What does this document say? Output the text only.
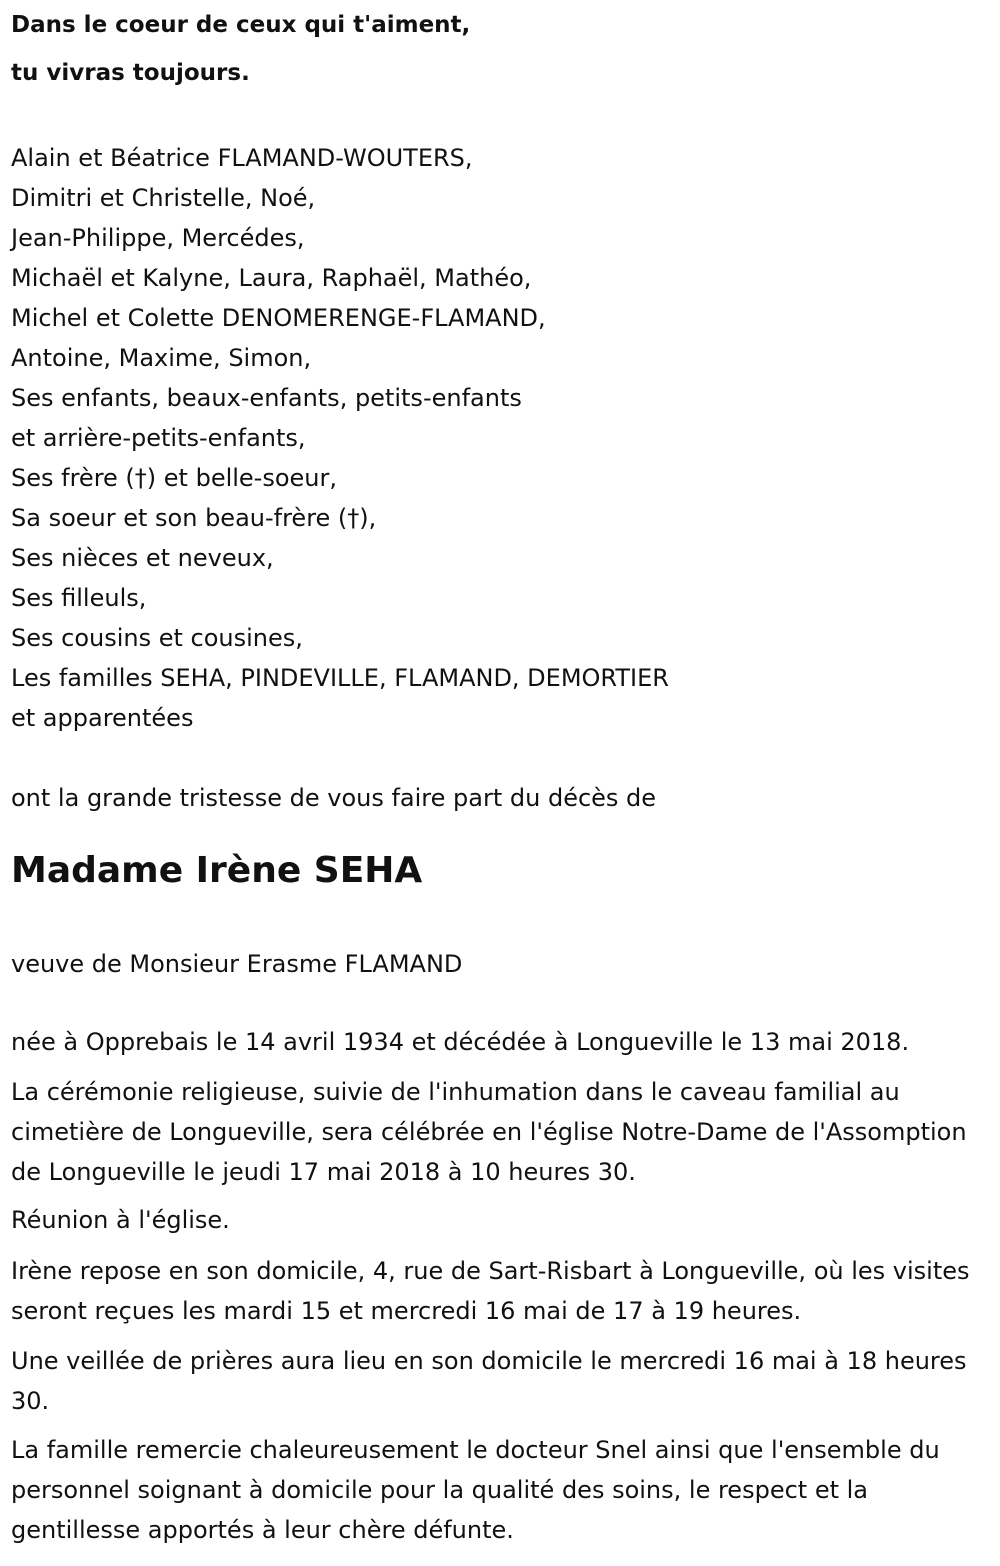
Dans le coeur de ceux qui t'aiment,
tu vivras toujours.
Alain et Béatrice FLAMAND-WOUTERS,
Dimitri et Christelle, Noé,
Jean-Philippe, Mercédes,
Michaël et Kalyne, Laura, Raphaël, Mathéo,
Michel et Colette DENOMERENGE-FLAMAND,
Antoine, Maxime, Simon,
Ses enfants, beaux-enfants, petits-enfants
et arrière-petits-enfants,
Ses frère (†) et belle-soeur,
Sa soeur et son beau-frère (†),
Ses nièces et neveux,
Ses filleuls,
Ses cousins et cousines,
Les familles SEHA, PINDEVILLE, FLAMAND, DEMORTIER
et apparentées
ont la grande tristesse de vous faire part du décès de
Madame Irène SEHA
veuve de Monsieur Erasme FLAMAND

née à Opprebais le 14 avril 1934 et décédée à Longueville le 13 mai 2018.

La cérémonie religieuse, suivie de l'inhumation dans le caveau familial au cimetière de Longueville, sera célébrée en l'église Notre-Dame de l'Assomption de Longueville le jeudi 17 mai 2018 à 10 heures 30.

Réunion à l'église.

Irène repose en son domicile, 4, rue de Sart-Risbart à Longueville, où les visites seront reçues les mardi 15 et mercredi 16 mai de 17 à 19 heures.

Une veillée de prières aura lieu en son domicile le mercredi 16 mai à 18 heures 30.

La famille remercie chaleureusement le docteur Snel ainsi que l'ensemble du personnel soignant à domicile pour la qualité des soins, le respect et la gentillesse apportés à leur chère défunte.
